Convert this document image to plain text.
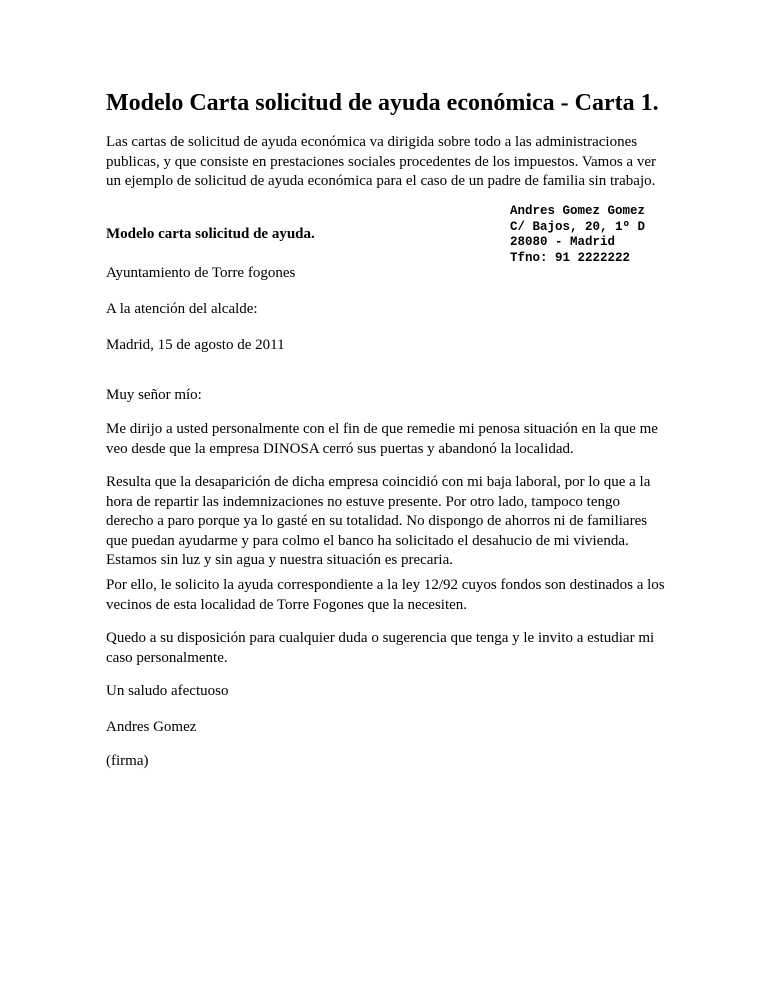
Modelo Carta solicitud de ayuda económica - Carta 1.

Las cartas de solicitud de ayuda económica va dirigida sobre todo a las administraciones publicas, y que consiste en prestaciones sociales procedentes de los impuestos. Vamos a ver un ejemplo de solicitud de ayuda económica para el caso de un padre de familia sin trabajo.

Andres Gomez Gomez
C/ Bajos, 20, 1º D
28080 - Madrid
Tfno: 91 2222222

Modelo carta solicitud de ayuda.

Ayuntamiento de Torre fogones

A la atención del alcalde:

Madrid, 15 de agosto de 2011

Muy señor mío:

Me dirijo a usted personalmente con el fin de que remedie mi penosa situación en la que me veo desde que la empresa DINOSA cerró sus puertas y abandonó la localidad.

Resulta que la desaparición de dicha empresa coincidió con mi baja laboral, por lo que a la hora de repartir las indemnizaciones no estuve presente. Por otro lado, tampoco tengo derecho a paro porque ya lo gasté en su totalidad. No dispongo de ahorros ni de familiares que puedan ayudarme y para colmo el banco ha solicitado el desahucio de mi vivienda. Estamos sin luz y sin agua y nuestra situación es precaria.

Por ello, le solicito la ayuda correspondiente a la ley 12/92 cuyos fondos son destinados a los vecinos de esta localidad de Torre Fogones que la necesiten.

Quedo a su disposición para cualquier duda o sugerencia que tenga y le invito a estudiar mi caso personalmente.

Un saludo afectuoso

Andres Gomez

(firma)
